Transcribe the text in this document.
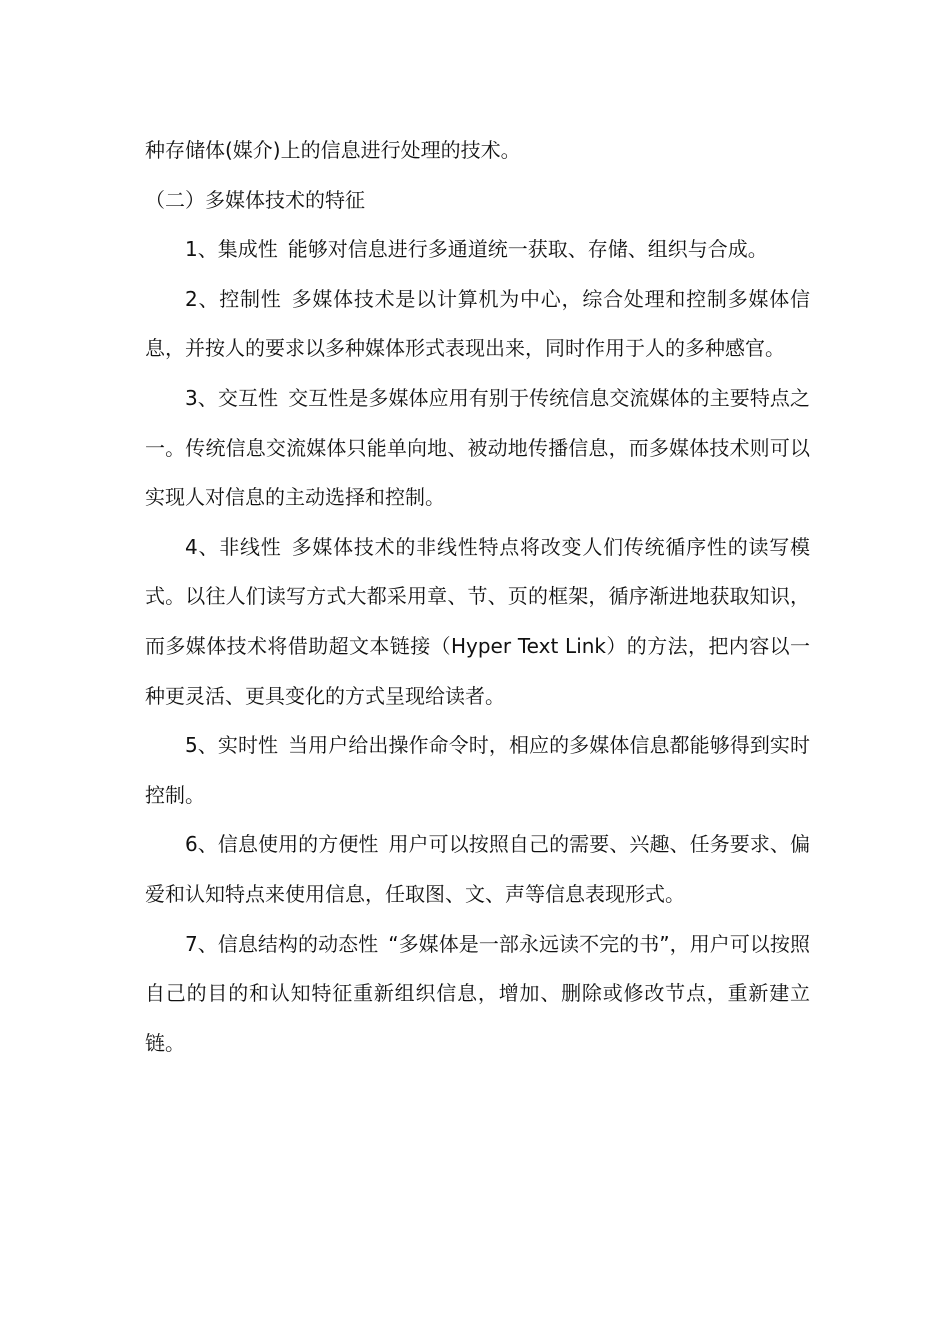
种存储体(媒介)上的信息进行处理的技术。

（二）多媒体技术的特征

1、集成性 能够对信息进行多通道统一获取、存储、组织与合成。

2、控制性 多媒体技术是以计算机为中心，综合处理和控制多媒体信息，并按人的要求以多种媒体形式表现出来，同时作用于人的多种感官。

3、交互性 交互性是多媒体应用有别于传统信息交流媒体的主要特点之一。传统信息交流媒体只能单向地、被动地传播信息，而多媒体技术则可以实现人对信息的主动选择和控制。

4、非线性 多媒体技术的非线性特点将改变人们传统循序性的读写模式。以往人们读写方式大都采用章、节、页的框架，循序渐进地获取知识，而多媒体技术将借助超文本链接（Hyper Text Link）的方法，把内容以一种更灵活、更具变化的方式呈现给读者。

5、实时性 当用户给出操作命令时，相应的多媒体信息都能够得到实时控制。

6、信息使用的方便性 用户可以按照自己的需要、兴趣、任务要求、偏爱和认知特点来使用信息，任取图、文、声等信息表现形式。

7、信息结构的动态性 “多媒体是一部永远读不完的书”，用户可以按照自己的目的和认知特征重新组织信息，增加、删除或修改节点，重新建立链。
